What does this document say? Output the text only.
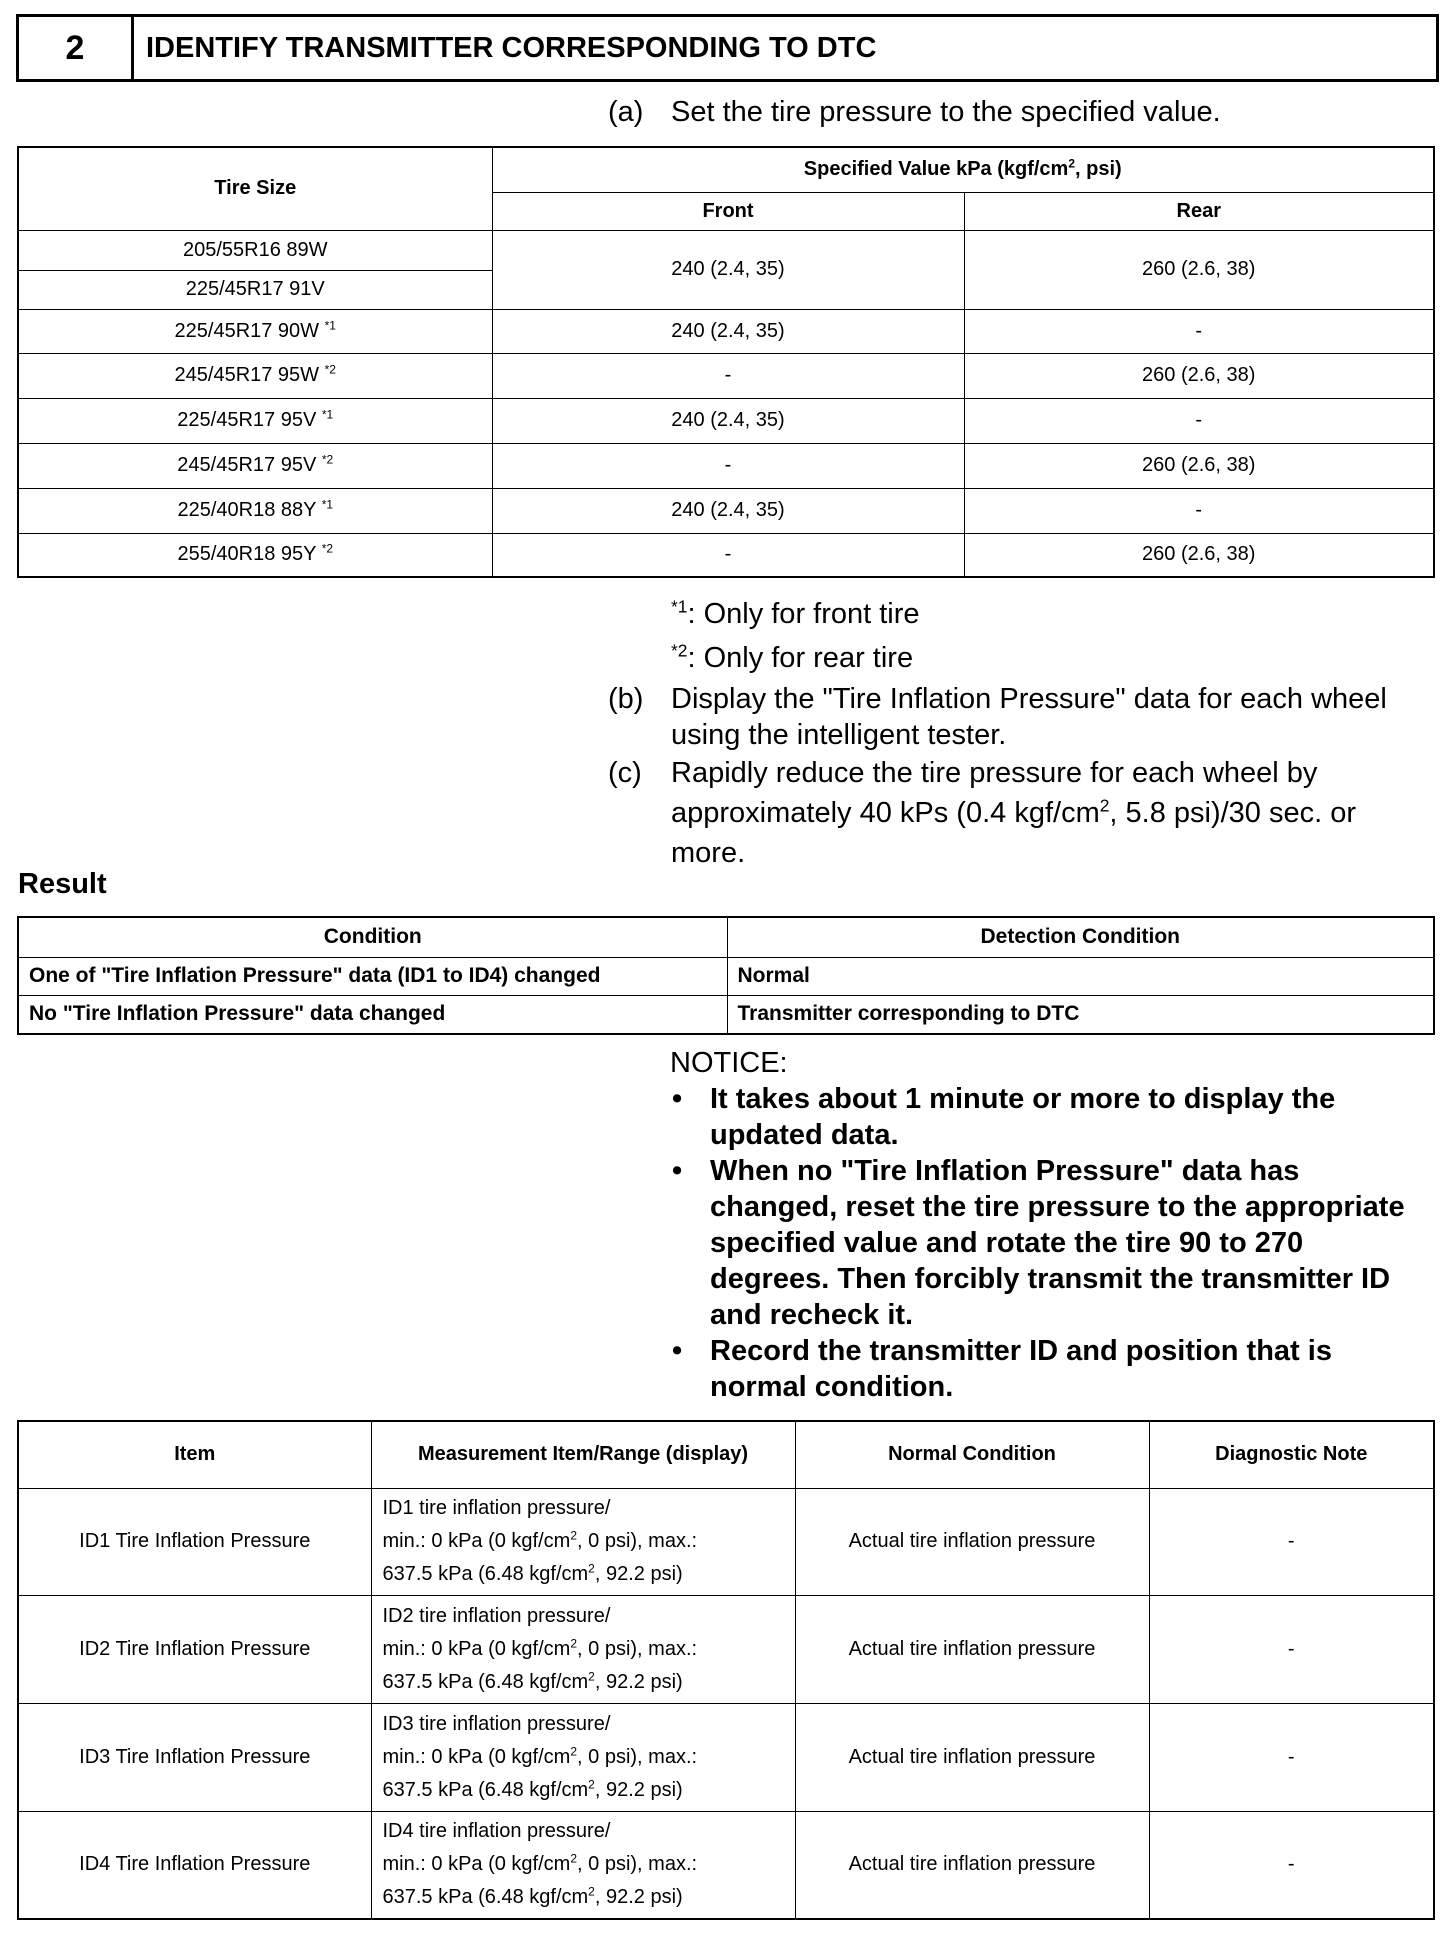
2	IDENTIFY TRANSMITTER CORRESPONDING TO DTC
(a) Set the tire pressure to the specified value.
Tire Size	Specified Value kPa ($kgf/cm^2$, psi)	
	Front	Rear
205/55R16 89W	240 (2.4, 35)	260 (2.6, 38)
225/45R17 91V		
225/45R17 90W $^{*1}$	240 (2.4, 35)	-
245/45R17 95W $^{*2}$	-	260 (2.6, 38)
225/45R17 95V $^{*1}$	240 (2.4, 35)	-
245/45R17 95V $^{*2}$	-	260 (2.6, 38)
225/40R18 88Y $^{*1}$	240 (2.4, 35)	-
255/40R18 95Y $^{*2}$	-	260 (2.6, 38)
$^{*1}$: Only for front tire
$^{*2}$: Only for rear tire
(b) Display the "Tire Inflation Pressure" data for each wheel using the intelligent tester.
(c)	Rapidly reduce the tire pressure for each wheel by approximately 40 kPs (0.4 kgf/$cm^2$, 5.8 psi)/30 sec. or more.
Result
Condition	Detection Condition
One of "Tire Inflation Pressure" data (ID1 to ID4) changed	Normal
No "Tire Inflation Pressure" data changed	Transmitter corresponding to DTC
NOTICE:
• It takes about 1 minute or more to display the updated data.
• When no "Tire Inflation Pressure" data has changed, reset the tire pressure to the appropriate specified value and rotate the tire 90 to 270 degrees. Then forcibly transmit the transmitter ID and recheck it.
• Record the transmitter ID and position that is normal condition.
Item	Measurement Item/Range (display)	Normal Condition	Diagnostic Note
ID1 Tire Inflation Pressure	ID1 tire inflation pressure/
min.: 0 kPa (0 kgf/$cm^2$, 0 psi), max.:
637.5 kPa (6.48 kgf/$cm^2$, 92.2 psi)	Actual tire inflation pressure	-
ID2 Tire Inflation Pressure	ID2 tire inflation pressure/
min.: 0 kPa (0 kgf/$cm^2$, 0 psi), max.:
637.5 kPa (6.48 kgf/$cm^2$, 92.2 psi)	Actual tire inflation pressure	-
ID3 Tire Inflation Pressure	ID3 tire inflation pressure/
min.: 0 kPa (0 kgf/$cm^2$, 0 psi), max.:
637.5 kPa (6.48 kgf/$cm^2$, 92.2 psi)	Actual tire inflation pressure	-
ID4 Tire Inflation Pressure	ID4 tire inflation pressure/
min.: 0 kPa (0 kgf/$cm^2$, 0 psi), max.:
637.5 kPa (6.48 kgf/$cm^2$, 92.2 psi)	Actual tire inflation pressure	-
